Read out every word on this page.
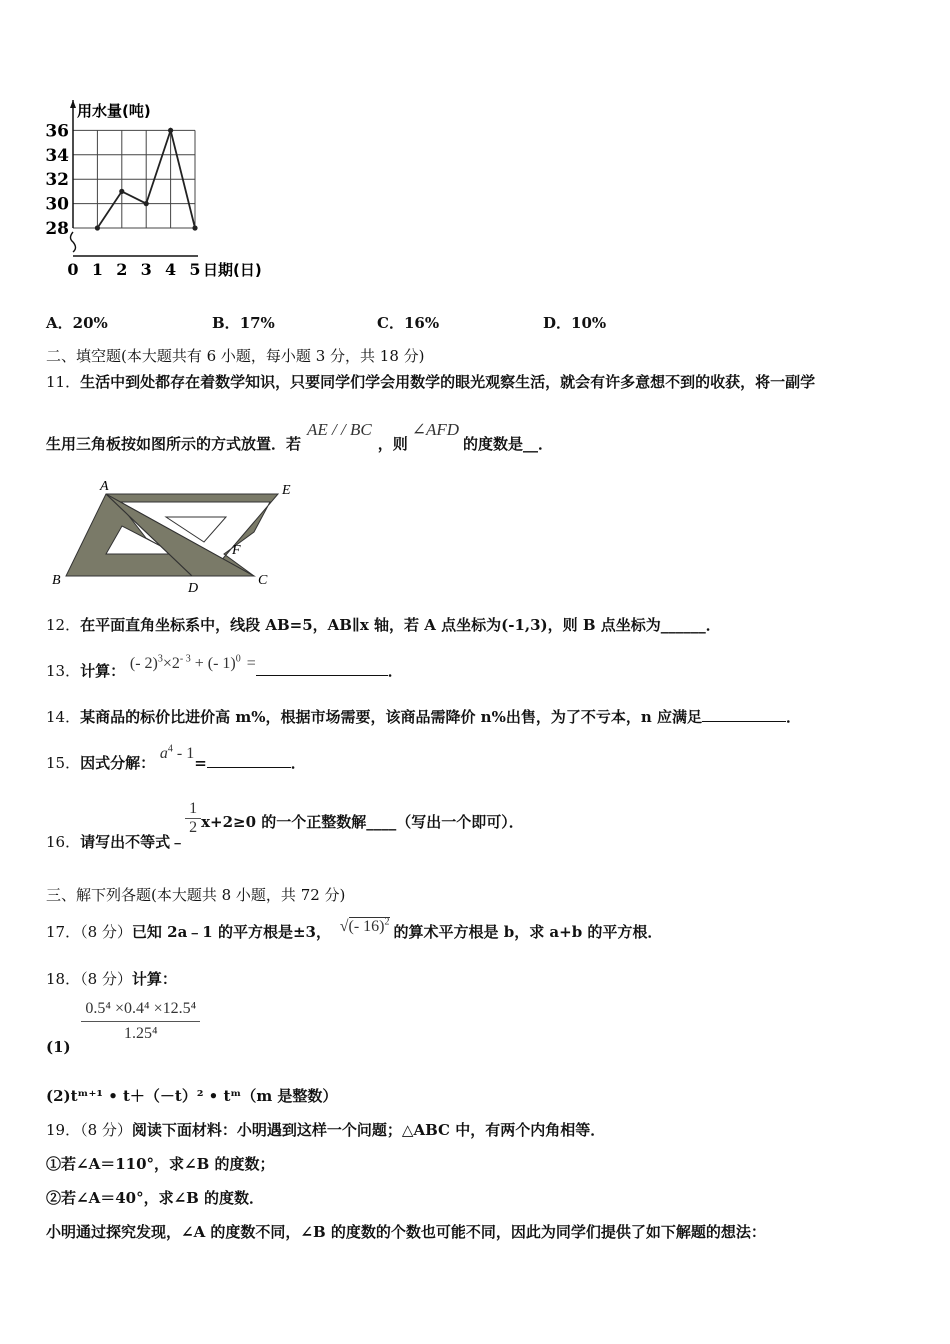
28
30
32
34
36
0 1 2 3 4 5 日期(日)
用水量(吨)
A．20%	B．17%	C．16%	D．10%
二、填空题(本大题共有 6 小题，每小题 3 分，共 18 分)
11．生活中到处都存在着数学知识，只要同学们学会用数学的眼光观察生活，就会有许多意想不到的收获，将一副学
生用三角板按如图所示的方式放置．若AE / / BC，则∠AFD的度数是__．
A	E
F
B
D
C
12．在平面直角坐标系中，线段 AB=5，AB∥x 轴，若 A 点坐标为(-1,3)，则 B 点坐标为______．
13．计算： (- $2)^3\times 2^{- 3}$ + (- 1)$^0$ =	．
14．某商品的标价比进价高 m%，根据市场需要，该商品需降价 n%出售，为了不亏本，n 应满足	．
15．因式分解： $a^4 - 1=$	．
16．请写出不等式﹣
$\frac{1}{2} x+2\ge 0$ 的一个正整数解____（写出一个即可）．
三、解下列各题(本大题共 8 小题，共 72 分)
17．（8 分）已知 2a﹣1 的平方根是±3， √(- 16)$^2$的算术平方根是 b，求 a+b 的平方根．
18．（8 分）计算：
(1)
$\frac{\text{0.5⁴ ×0.4⁴ ×12.5⁴}}{\text{1.25⁴}}$
(2)tᵐ⁺¹ • t＋（－t）² • tᵐ（m 是整数）
19．（8 分）阅读下面材料：小明遇到这样一个问题；△ABC 中，有两个内角相等．
①若∠A＝110°，求∠B 的度数；
②若∠A＝40°，求∠B 的度数．
小明通过探究发现，∠A 的度数不同，∠B 的度数的个数也可能不同，因此为同学们提供了如下解题的想法：
